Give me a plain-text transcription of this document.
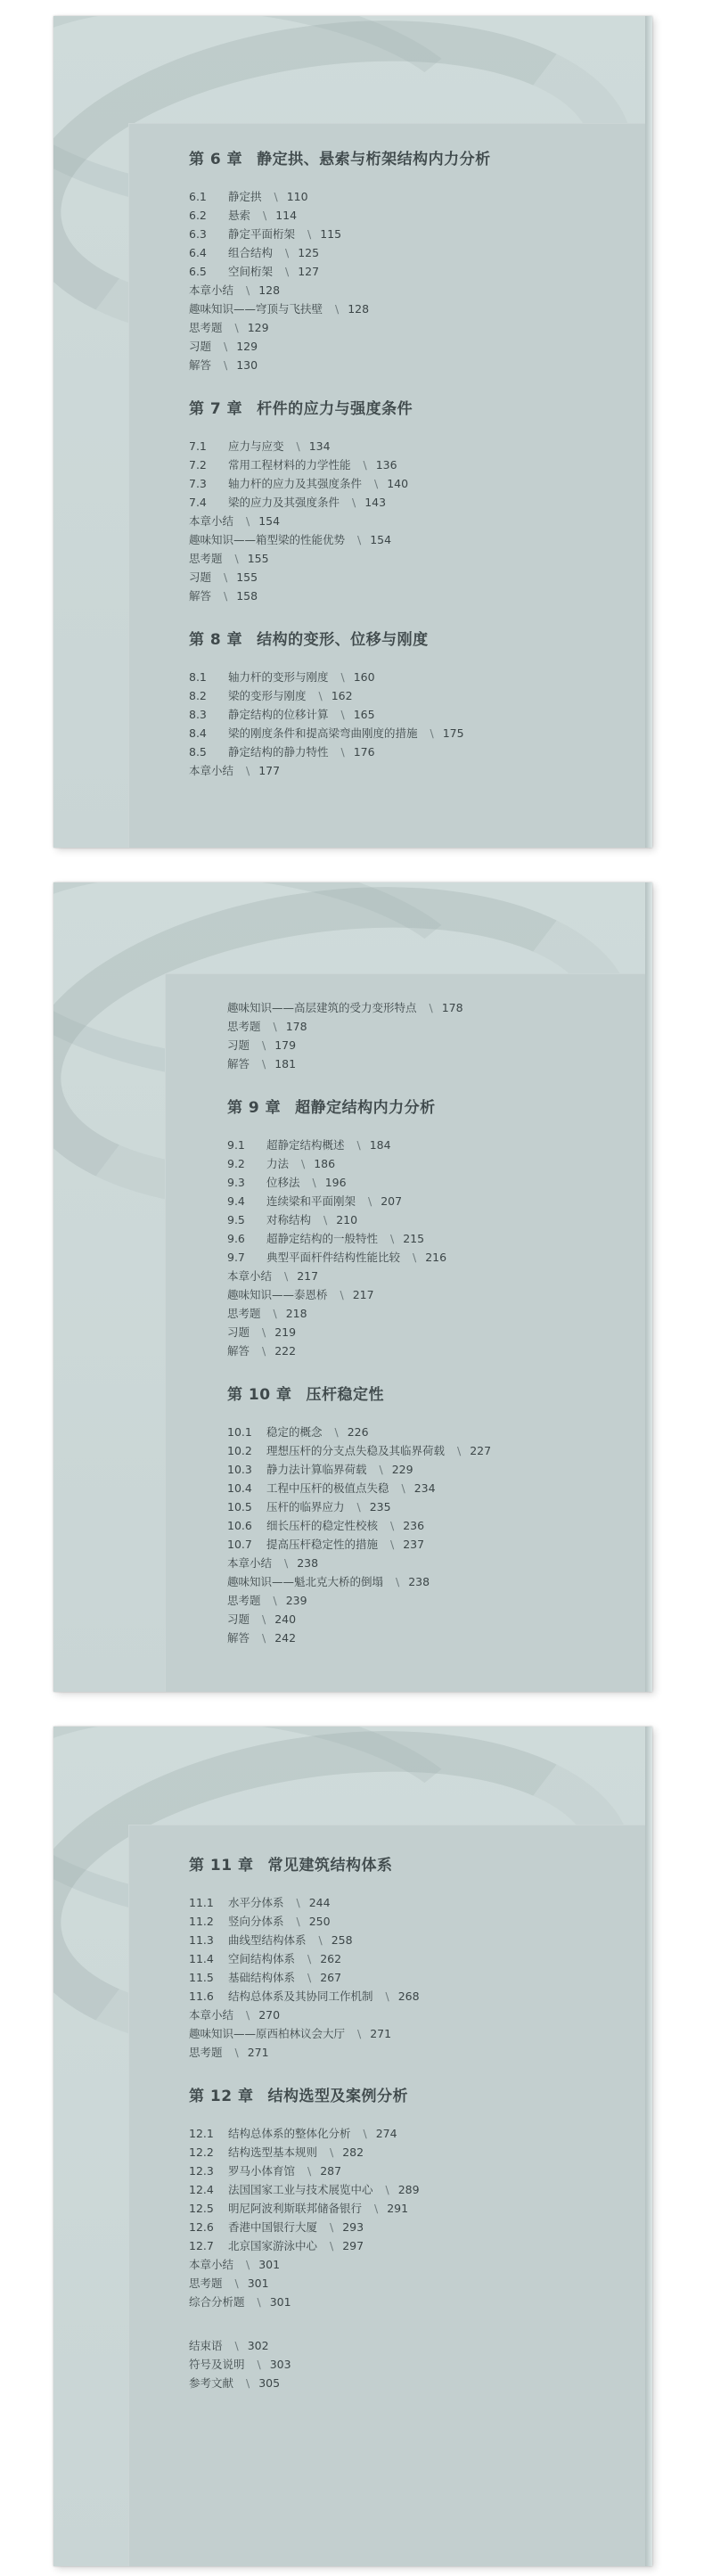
第 6 章 静定拱、悬索与桁架结构内力分析
6.1 静定拱 \ 110
6.2 悬索 \ 114
6.3 静定平面桁架 \ 115
6.4 组合结构 \ 125
6.5 空间桁架 \ 127
本章小结 \ 128
趣味知识——穹顶与飞扶壁 \ 128
思考题 \ 129
习题 \ 129
解答 \ 130
第 7 章 杆件的应力与强度条件
7.1 应力与应变 \ 134
7.2 常用工程材料的力学性能 \ 136
7.3 轴力杆的应力及其强度条件 \ 140
7.4 梁的应力及其强度条件 \ 143
本章小结 \ 154
趣味知识——箱型梁的性能优势 \ 154
思考题 \ 155
习题 \ 155
解答 \ 158
第 8 章 结构的变形、位移与刚度
8.1 轴力杆的变形与刚度 \ 160
8.2 梁的变形与刚度 \ 162
8.3 静定结构的位移计算 \ 165
8.4 梁的刚度条件和提高梁弯曲刚度的措施 \ 175
8.5 静定结构的静力特性 \ 176
本章小结 \ 177
趣味知识——高层建筑的受力变形特点 \ 178
思考题 \ 178
习题 \ 179
解答 \ 181
第 9 章 超静定结构内力分析
9.1 超静定结构概述 \ 184
9.2 力法 \ 186
9.3 位移法 \ 196
9.4 连续梁和平面刚架 \ 207
9.5 对称结构 \ 210
9.6 超静定结构的一般特性 \ 215
9.7 典型平面杆件结构性能比较 \ 216
本章小结 \ 217
趣味知识——泰恩桥 \ 217
思考题 \ 218
习题 \ 219
解答 \ 222
第 10 章 压杆稳定性
10.1 稳定的概念 \ 226
10.2 理想压杆的分支点失稳及其临界荷载 \ 227
10.3 静力法计算临界荷载 \ 229
10.4 工程中压杆的极值点失稳 \ 234
10.5 压杆的临界应力 \ 235
10.6 细长压杆的稳定性校核 \ 236
10.7 提高压杆稳定性的措施 \ 237
本章小结 \ 238
趣味知识——魁北克大桥的倒塌 \ 238
思考题 \ 239
习题 \ 240
解答 \ 242
第 11 章 常见建筑结构体系
11.1 水平分体系 \ 244
11.2 竖向分体系 \ 250
11.3 曲线型结构体系 \ 258
11.4 空间结构体系 \ 262
11.5 基础结构体系 \ 267
11.6 结构总体系及其协同工作机制 \ 268
本章小结 \ 270
趣味知识——原西柏林议会大厅 \ 271
思考题 \ 271
第 12 章 结构选型及案例分析
12.1 结构总体系的整体化分析 \ 274
12.2 结构选型基本规则 \ 282
12.3 罗马小体育馆 \ 287
12.4 法国国家工业与技术展览中心 \ 289
12.5 明尼阿波利斯联邦储备银行 \ 291
12.6 香港中国银行大厦 \ 293
12.7 北京国家游泳中心 \ 297
本章小结 \ 301
思考题 \ 301
综合分析题 \ 301
结束语 \ 302
符号及说明 \ 303
参考文献 \ 305
